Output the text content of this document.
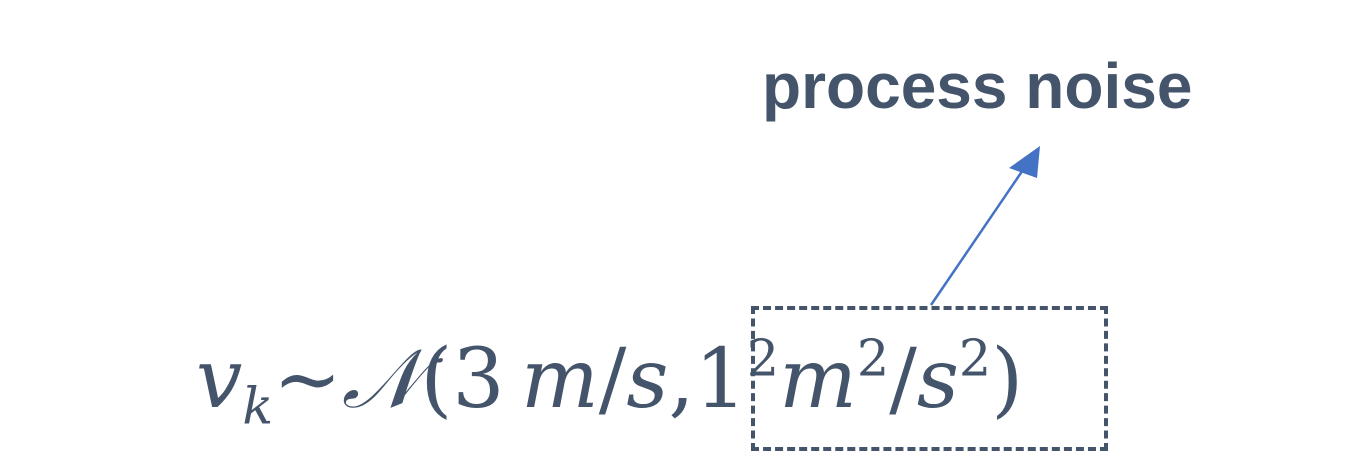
process noise
$v_k\sim 𝒩(3$  $m/s,1^2m^2/s^2$)
